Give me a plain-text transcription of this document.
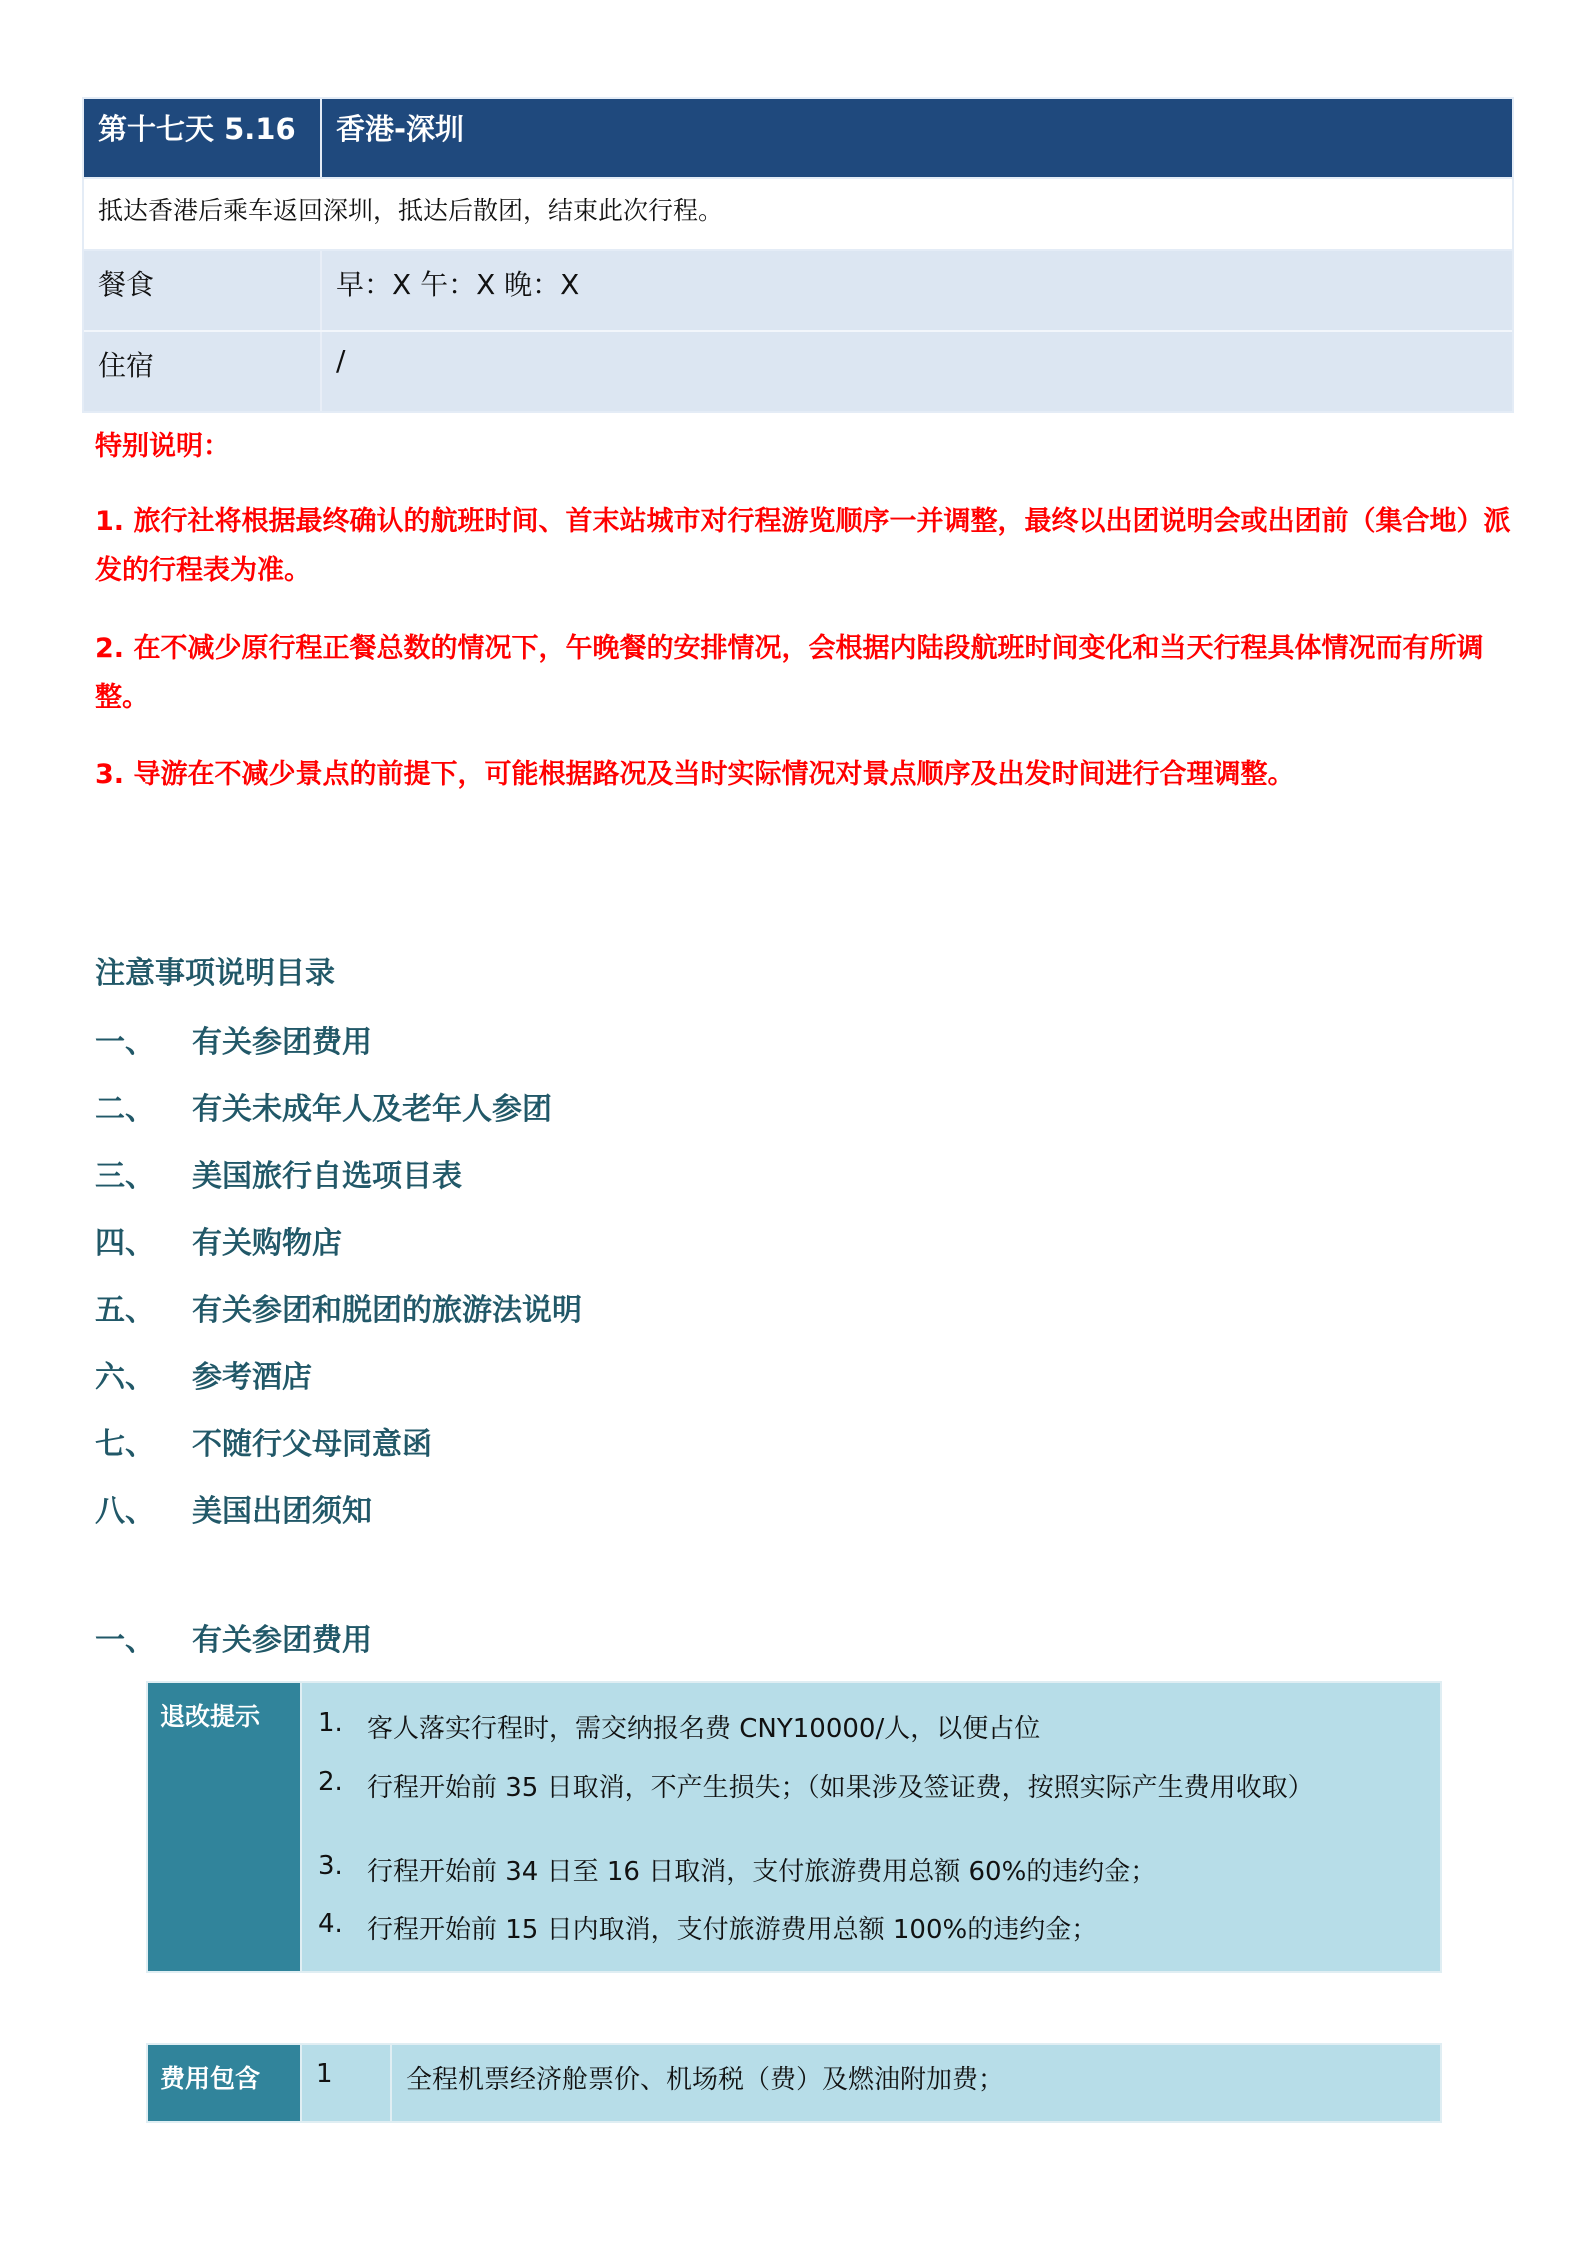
第十七天 5.16	香港-深圳
抵达香港后乘车返回深圳，抵达后散团，结束此次行程。
餐食	早：X 午：X 晚：X
住宿	/
特别说明：
1. 旅行社将根据最终确认的航班时间、首末站城市对行程游览顺序一并调整，最终以出团说明会或出团前（集合地）派发的行程表为准。
2. 在不减少原行程正餐总数的情况下，午晚餐的安排情况，会根据内陆段航班时间变化和当天行程具体情况而有所调整。
3. 导游在不减少景点的前提下，可能根据路况及当时实际情况对景点顺序及出发时间进行合理调整。
注意事项说明目录
一、	有关参团费用
二、	有关未成年人及老年人参团
三、	美国旅行自选项目表
四、	有关购物店
五、	有关参团和脱团的旅游法说明
六、	参考酒店
七、	不随行父母同意函
八、	美国出团须知
一、	有关参团费用
退改提示	1. 客人落实行程时，需交纳报名费 CNY10000/人，以便占位
2. 行程开始前 35 日取消，不产生损失；（如果涉及签证费，按照实际产生费用收取）
3. 行程开始前 34 日至 16 日取消，支付旅游费用总额 60%的违约金；
4. 行程开始前 15 日内取消，支付旅游费用总额 100%的违约金；
费用包含	1	全程机票经济舱票价、机场税（费）及燃油附加费；
